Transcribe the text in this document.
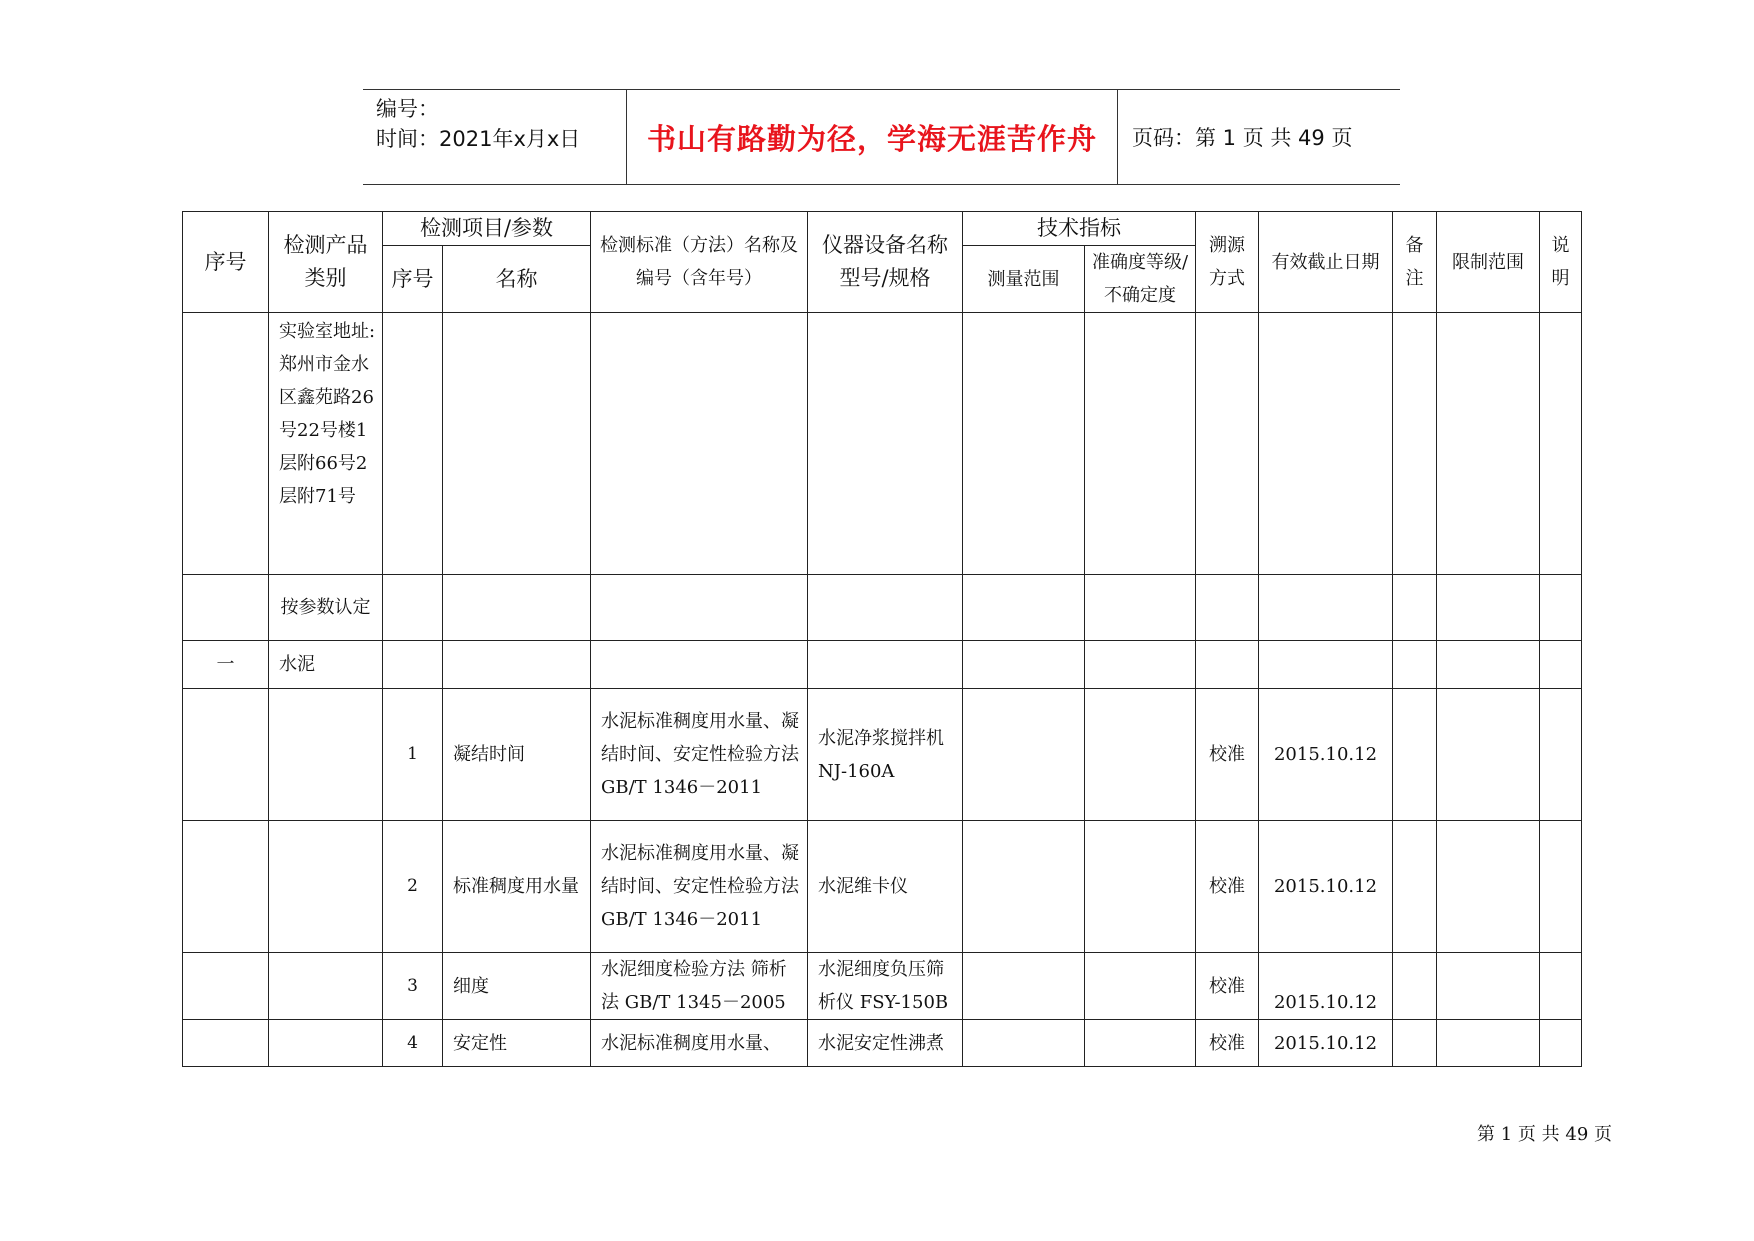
编号：
时间：2021年x月x日	书山有路勤为径，学海无涯苦作舟	页码：第 1 页 共 49 页
序号	检测产品类别	检测项目/参数		检测标准（方法）名称及编号（含年号）	仪器设备名称型号/规格	技术指标		溯源方式	有效截止日期	备注	限制范围	说明
		序号	名称			测量范围	准确度等级/不确定度					
	实验室地址:郑州市金水区鑫苑路26号22号楼1层附66号2层附71号											
	按参数认定											
一	水泥											
		1	凝结时间	水泥标准稠度用水量、凝结时间、安定性检验方法 GB/T 1346－2011	水泥净浆搅拌机 NJ-160A			校准	2015.10.12			
		2	标准稠度用水量	水泥标准稠度用水量、凝结时间、安定性检验方法 GB/T 1346－2011	水泥维卡仪			校准	2015.10.12			
		3	细度	水泥细度检验方法 筛析法 GB/T 1345－2005	水泥细度负压筛析仪 FSY-150B			校准	2015.10.12			
		4	安定性	水泥标准稠度用水量、	水泥安定性沸煮			校准	2015.10.12			
第 1 页 共 49 页
